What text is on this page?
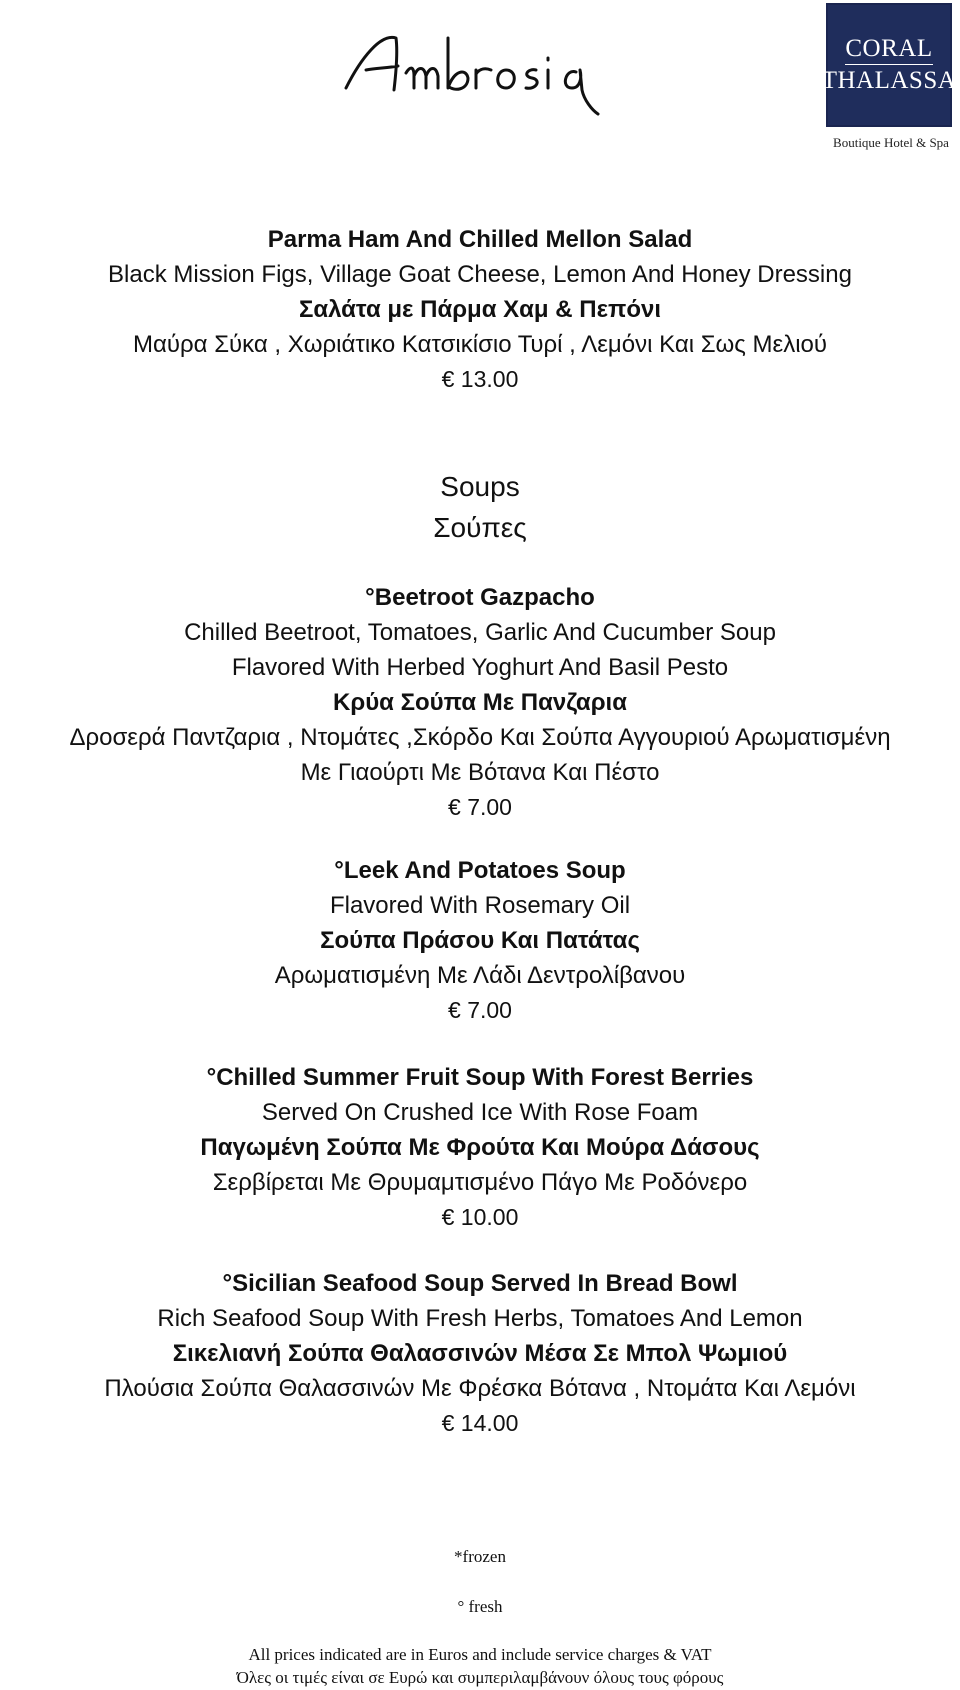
CORAL
THALASSA
Boutique Hotel & Spa
Parma Ham And Chilled Mellon Salad
Black Mission Figs, Village Goat Cheese, Lemon And Honey Dressing
Σαλάτα με Πάρμα Χαμ & Πεπόνι
Μαύρα Σύκα , Χωριάτικο Κατσικίσιο Τυρί , Λεμόνι Και Σως Μελιού
€ 13.00
Soups
Σούπες
°Beetroot Gazpacho
Chilled Beetroot, Tomatoes, Garlic And Cucumber Soup
Flavored With Herbed Yoghurt And Basil Pesto
Κρύα Σούπα Με Πανζαρια
Δροσερά Παντζαρια , Ντομάτες ,Σκόρδο Και Σούπα Αγγουριού Αρωματισμένη
Με Γιαούρτι Με Βότανα Και Πέστο
€ 7.00
°Leek And Potatoes Soup
Flavored With Rosemary Oil
Σούπα Πράσου Και Πατάτας
Αρωματισμένη Με Λάδι Δεντρολίβανου
€ 7.00
°Chilled Summer Fruit Soup With Forest Berries
Served On Crushed Ice With Rose Foam
Παγωμένη Σούπα Με Φρούτα Και Μούρα Δάσους
Σερβίρεται Με Θρυμαμτισμένο Πάγο Με Ροδόνερο
€ 10.00
°Sicilian Seafood Soup Served In Bread Bowl
Rich Seafood Soup With Fresh Herbs, Tomatoes And Lemon
Σικελιανή Σούπα Θαλασσινών Μέσα Σε Μπολ Ψωμιού
Πλούσια Σούπα Θαλασσινών Με Φρέσκα Βότανα , Ντομάτα Και Λεμόνι
€ 14.00
*frozen
° fresh
All prices indicated are in Euros and include service charges & VAT
Όλες οι τιμές είναι σε Ευρώ και συμπεριλαμβάνουν όλους τους φόρους
